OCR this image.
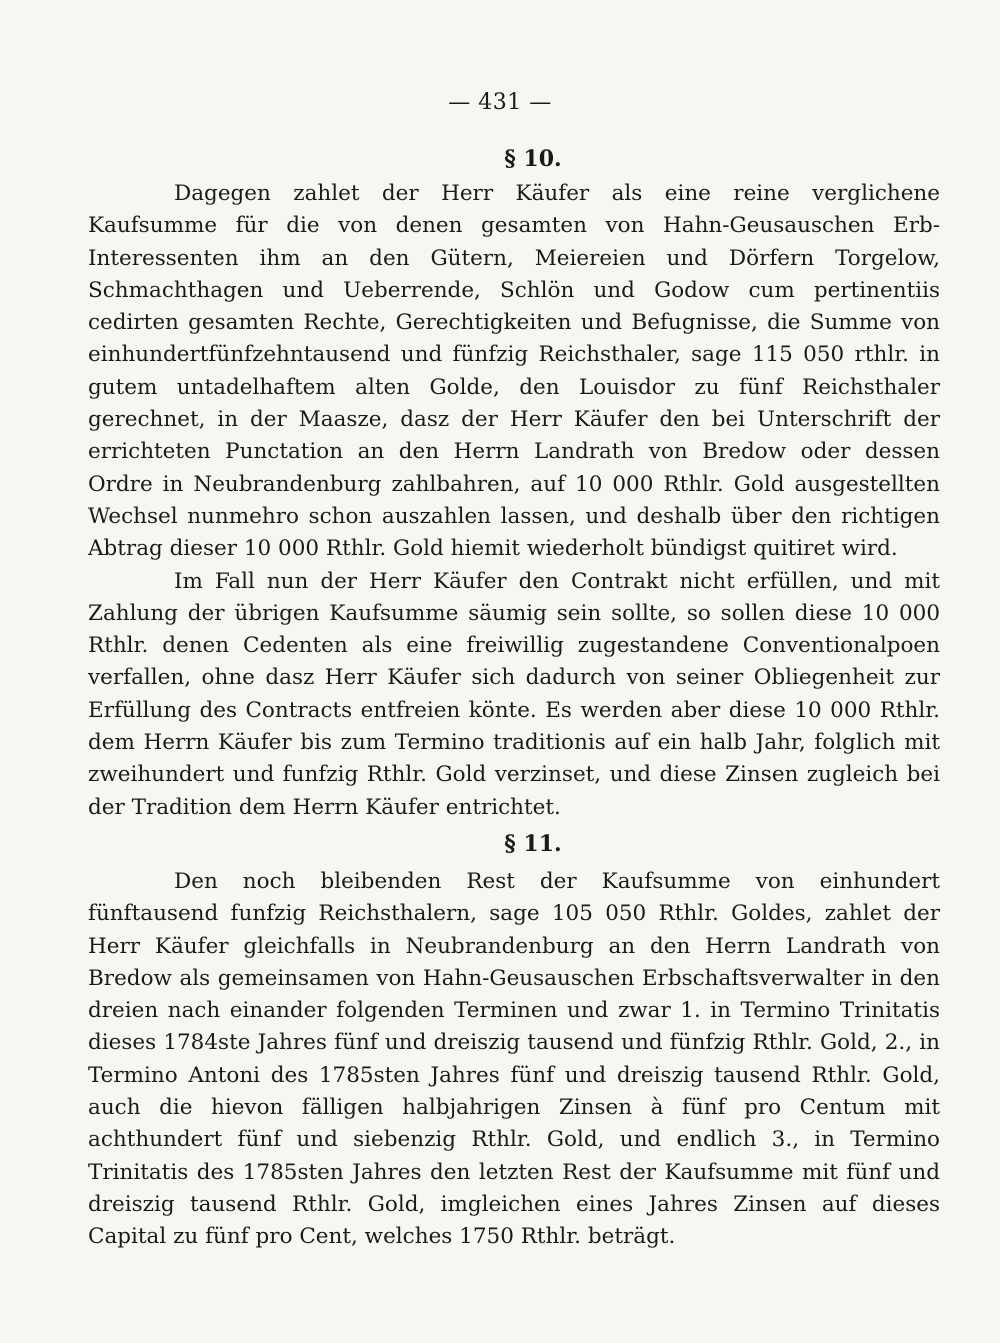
— 431 —
§ 10.

Dagegen zahlet der Herr Käufer als eine reine verglichene Kaufsumme für die von denen gesamten von Hahn-Geusauschen Erb-Interessenten ihm an den Gütern, Meiereien und Dörfern Torgelow, Schmachthagen und Ueberrende, Schlön und Godow cum pertinentiis cedirten gesamten Rechte, Gerechtigkeiten und Befugnisse, die Summe von einhundertfünfzehntausend und fünfzig Reichsthaler, sage 115 050 rthlr. in gutem untadelhaftem alten Golde, den Louisdor zu fünf Reichsthaler gerechnet, in der Maasze, dasz der Herr Käufer den bei Unterschrift der errichteten Punctation an den Herrn Landrath von Bredow oder dessen Ordre in Neubrandenburg zahlbahren, auf 10 000 Rthlr. Gold ausgestellten Wechsel nunmehro schon auszahlen lassen, und deshalb über den richtigen Abtrag dieser 10 000 Rthlr. Gold hiemit wiederholt bündigst quitiret wird.

Im Fall nun der Herr Käufer den Contrakt nicht erfüllen, und mit Zahlung der übrigen Kaufsumme säumig sein sollte, so sollen diese 10 000 Rthlr. denen Cedenten als eine freiwillig zugestandene Conventionalpoen verfallen, ohne dasz Herr Käufer sich dadurch von seiner Obliegenheit zur Erfüllung des Contracts entfreien könte. Es werden aber diese 10 000 Rthlr. dem Herrn Käufer bis zum Termino traditionis auf ein halb Jahr, folglich mit zweihundert und funfzig Rthlr. Gold verzinset, und diese Zinsen zugleich bei der Tradition dem Herrn Käufer entrichtet.

§ 11.

Den noch bleibenden Rest der Kaufsumme von einhundert fünftausend funfzig Reichsthalern, sage 105 050 Rthlr. Goldes, zahlet der Herr Käufer gleichfalls in Neubrandenburg an den Herrn Landrath von Bredow als gemeinsamen von Hahn-Geusauschen Erbschaftsverwalter in den dreien nach einander folgenden Terminen und zwar 1. in Termino Trinitatis dieses 1784ste Jahres fünf und dreiszig tausend und fünfzig Rthlr. Gold, 2., in Termino Antoni des 1785sten Jahres fünf und dreiszig tausend Rthlr. Gold, auch die hievon fälligen halbjahrigen Zinsen à fünf pro Centum mit achthundert fünf und siebenzig Rthlr. Gold, und endlich 3., in Termino Trinitatis des 1785sten Jahres den letzten Rest der Kaufsumme mit fünf und dreiszig tausend Rthlr. Gold, imgleichen eines Jahres Zinsen auf dieses Capital zu fünf pro Cent, welches 1750 Rthlr. beträgt.
